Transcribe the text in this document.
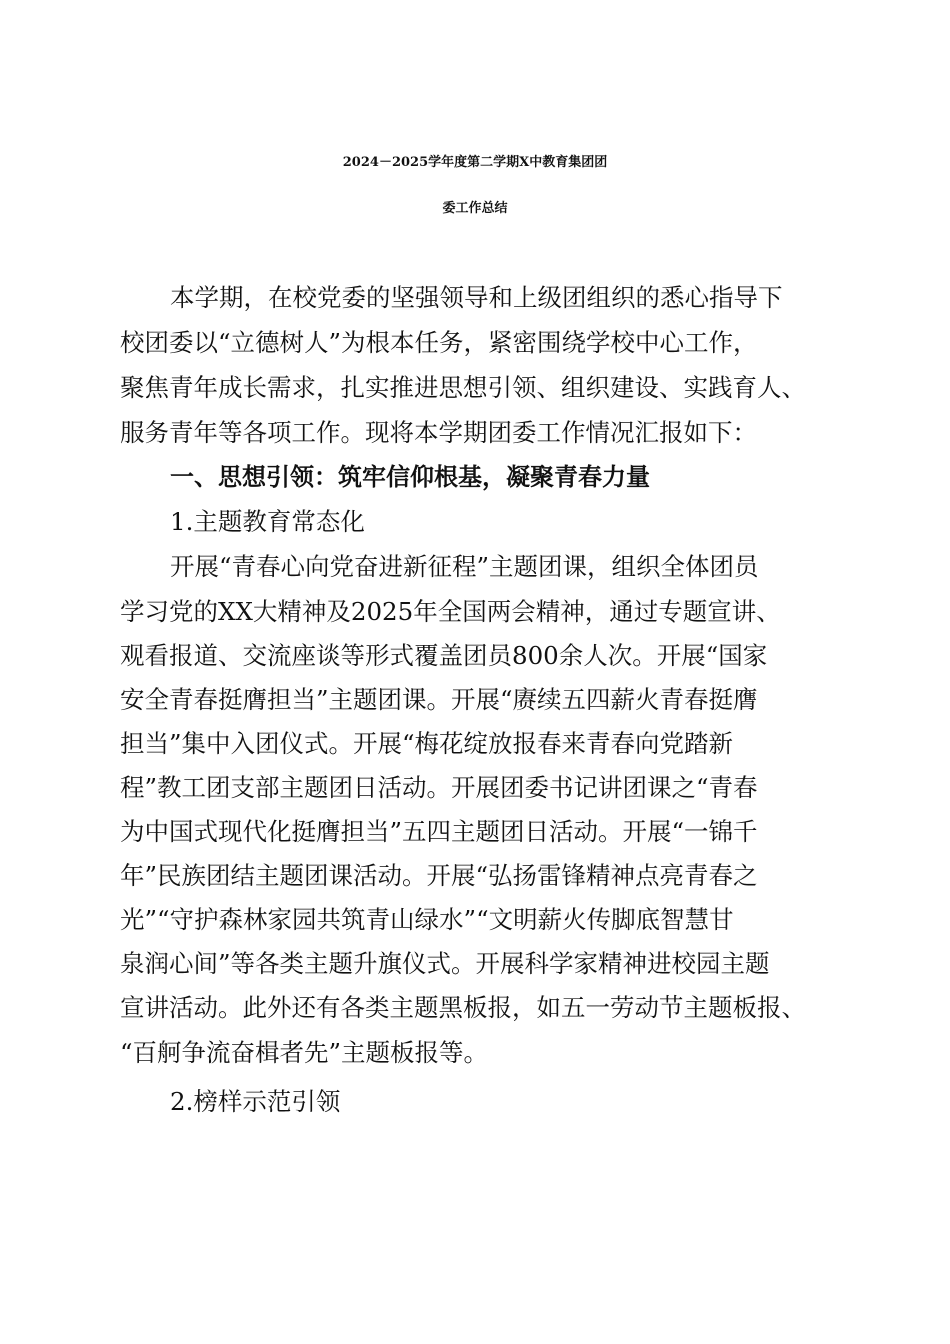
2024－2025学年度第二学期X中教育集团团
委工作总结

本学期，在校党委的坚强领导和上级团组织的悉心指导下

校团委以“立德树人”为根本任务，紧密围绕学校中心工作，

聚焦青年成长需求，扎实推进思想引领、组织建设、实践育人、

服务青年等各项工作。现将本学期团委工作情况汇报如下：

一、思想引领：筑牢信仰根基，凝聚青春力量

1.主题教育常态化

开展“青春心向党奋进新征程”主题团课，组织全体团员

学习党的XX大精神及2025年全国两会精神，通过专题宣讲、

观看报道、交流座谈等形式覆盖团员800余人次。开展“国家

安全青春挺膺担当”主题团课。开展“赓续五四薪火青春挺膺

担当”集中入团仪式。开展“梅花绽放报春来青春向党踏新

程”教工团支部主题团日活动。开展团委书记讲团课之“青春

为中国式现代化挺膺担当”五四主题团日活动。开展“一锦千

年”民族团结主题团课活动。开展“弘扬雷锋精神点亮青春之

光”“守护森林家园共筑青山绿水”“文明薪火传脚底智慧甘

泉润心间”等各类主题升旗仪式。开展科学家精神进校园主题

宣讲活动。此外还有各类主题黑板报，如五一劳动节主题板报、

“百舸争流奋楫者先”主题板报等。

2.榜样示范引领
